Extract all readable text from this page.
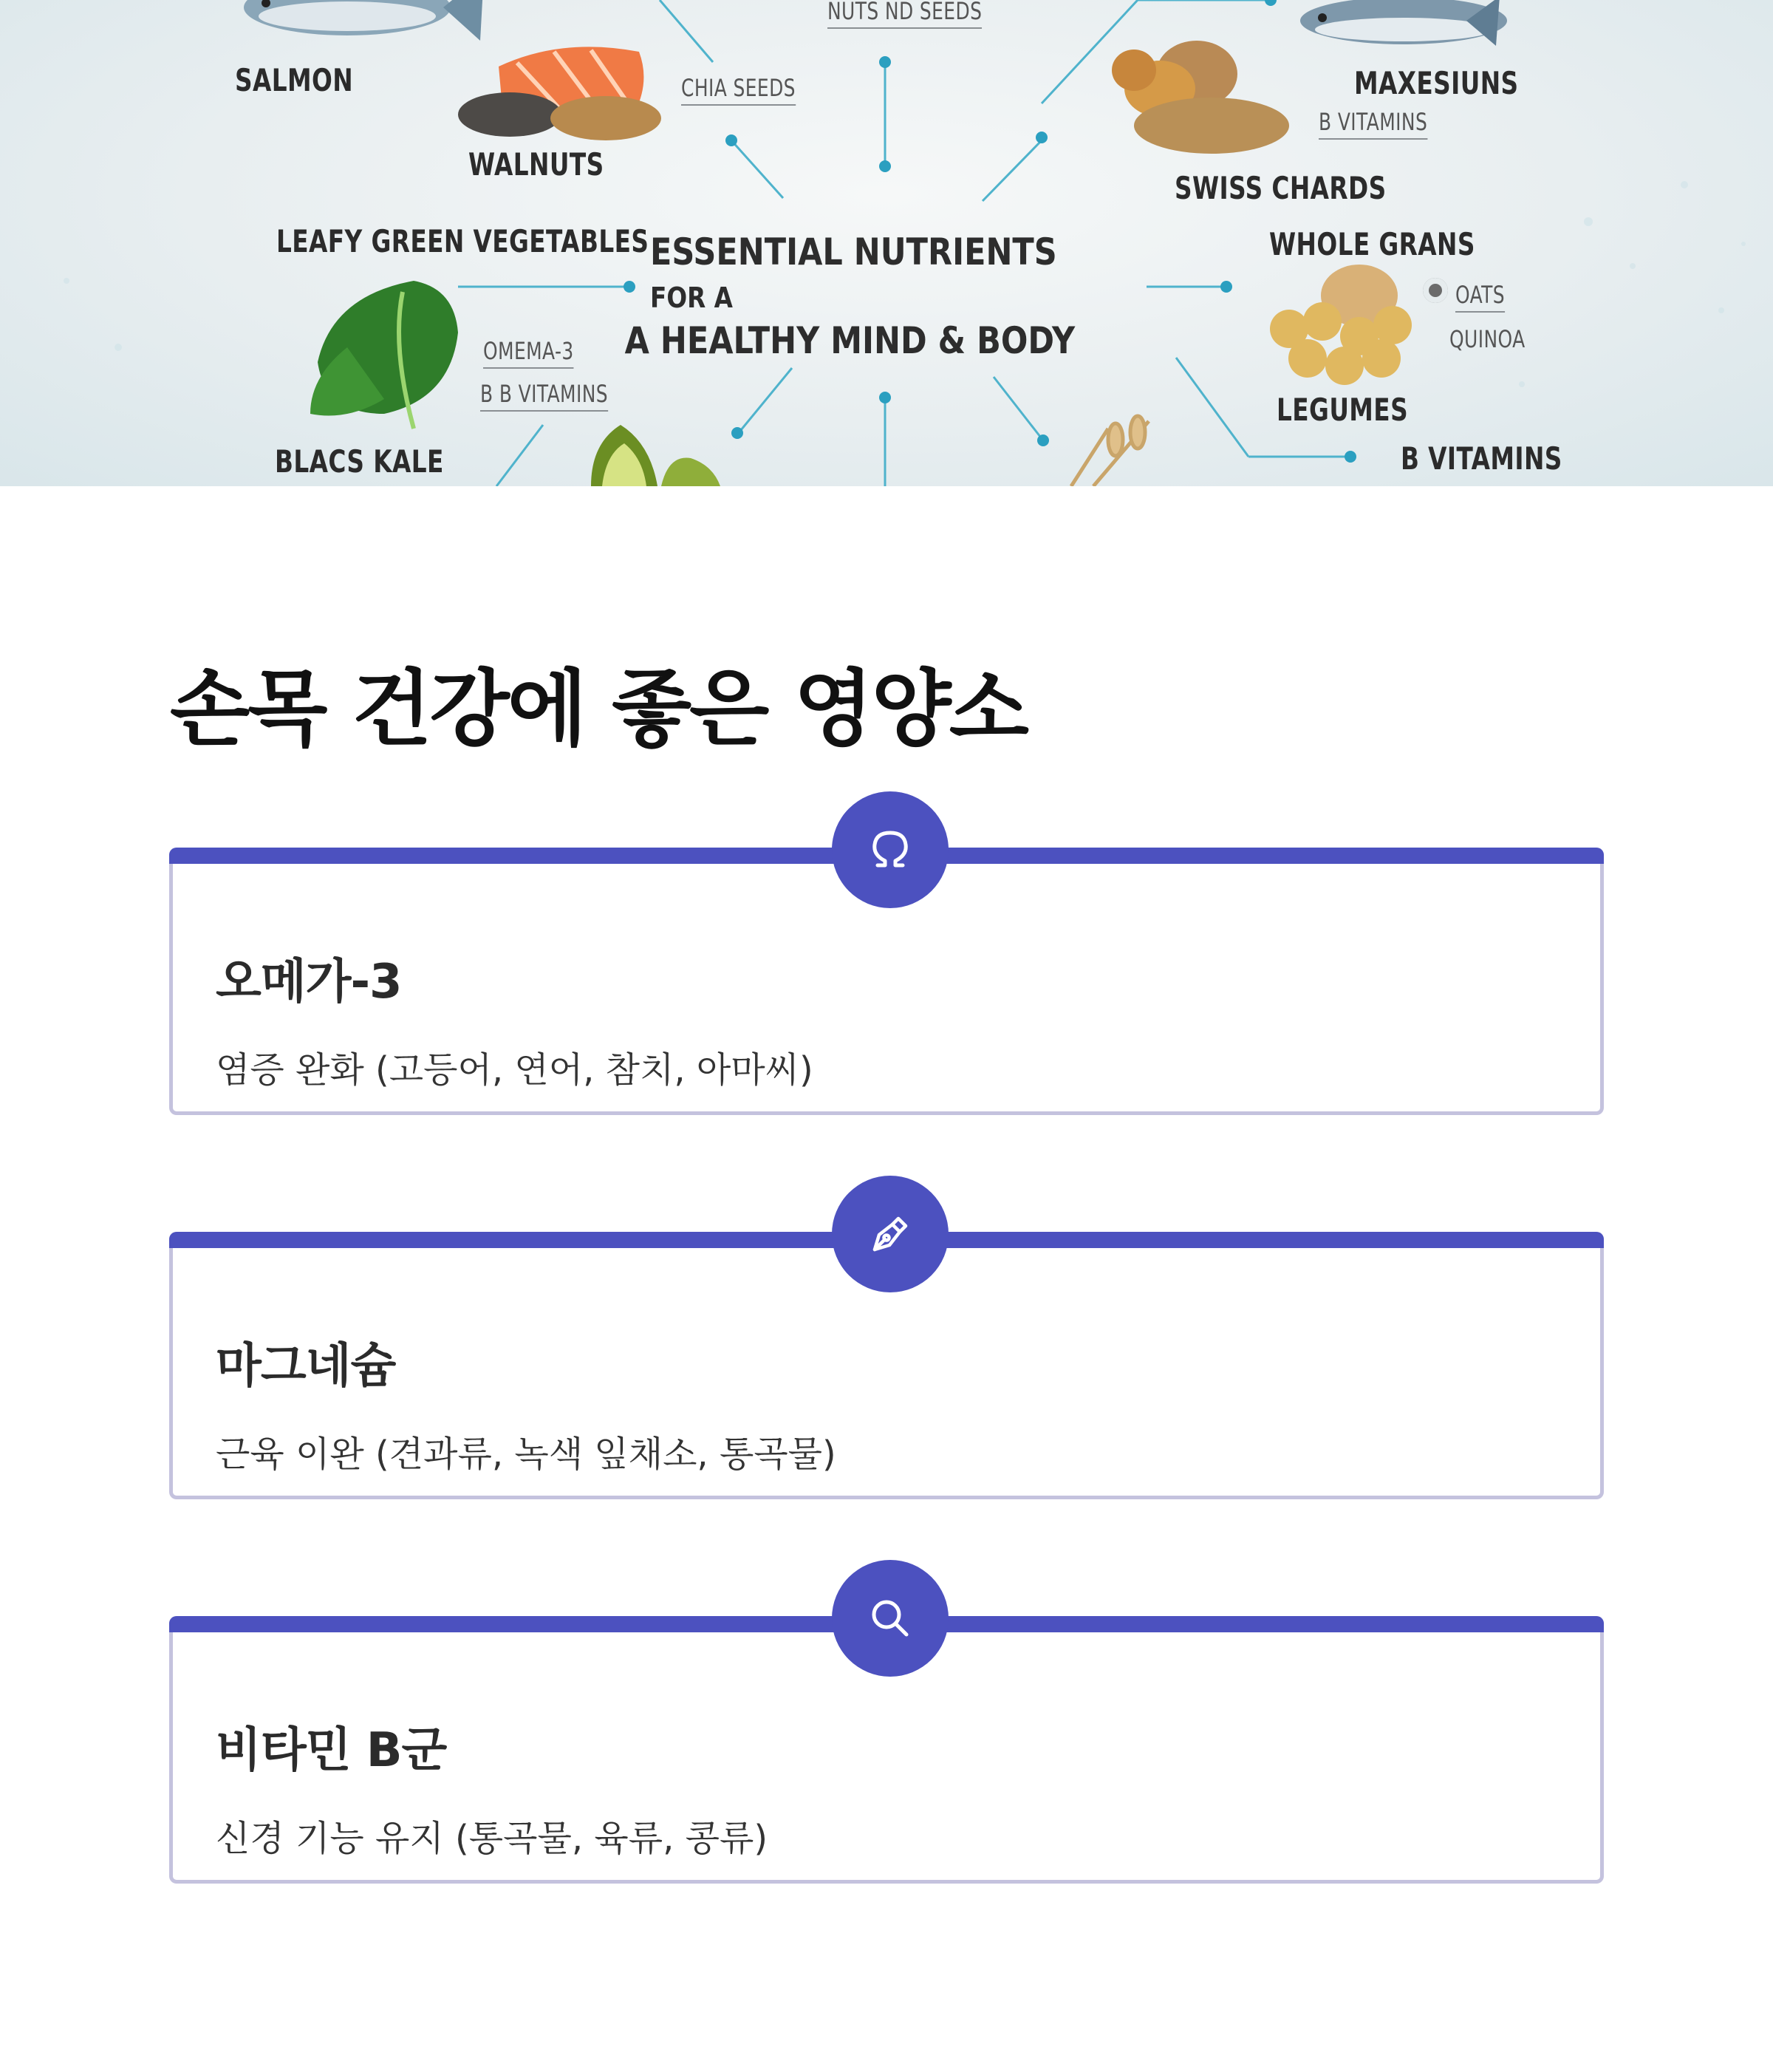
NUTS ND SEEDS
SALMON	CHIA SEEDS
WALNUTS
MAXESIUNS
B VITAMINS
SWISS CHARDS
LEAFY GREEN VEGETABLES	WHOLE GRANS
OATS
QUINOA
OMEMA-3
B B VITAMINS	LEGUMES
BLACS KALE	B VITAMINS
ESSENTIAL NUTRIENTS FOR A
A HEALTHY MIND & BODY
손목 건강에 좋은 영양소
오메가-3

염증 완화 (고등어, 연어, 참치, 아마씨)

마그네슘

근육 이완 (견과류, 녹색 잎채소, 통곡물)

비타민 B군

신경 기능 유지 (통곡물, 육류, 콩류)
